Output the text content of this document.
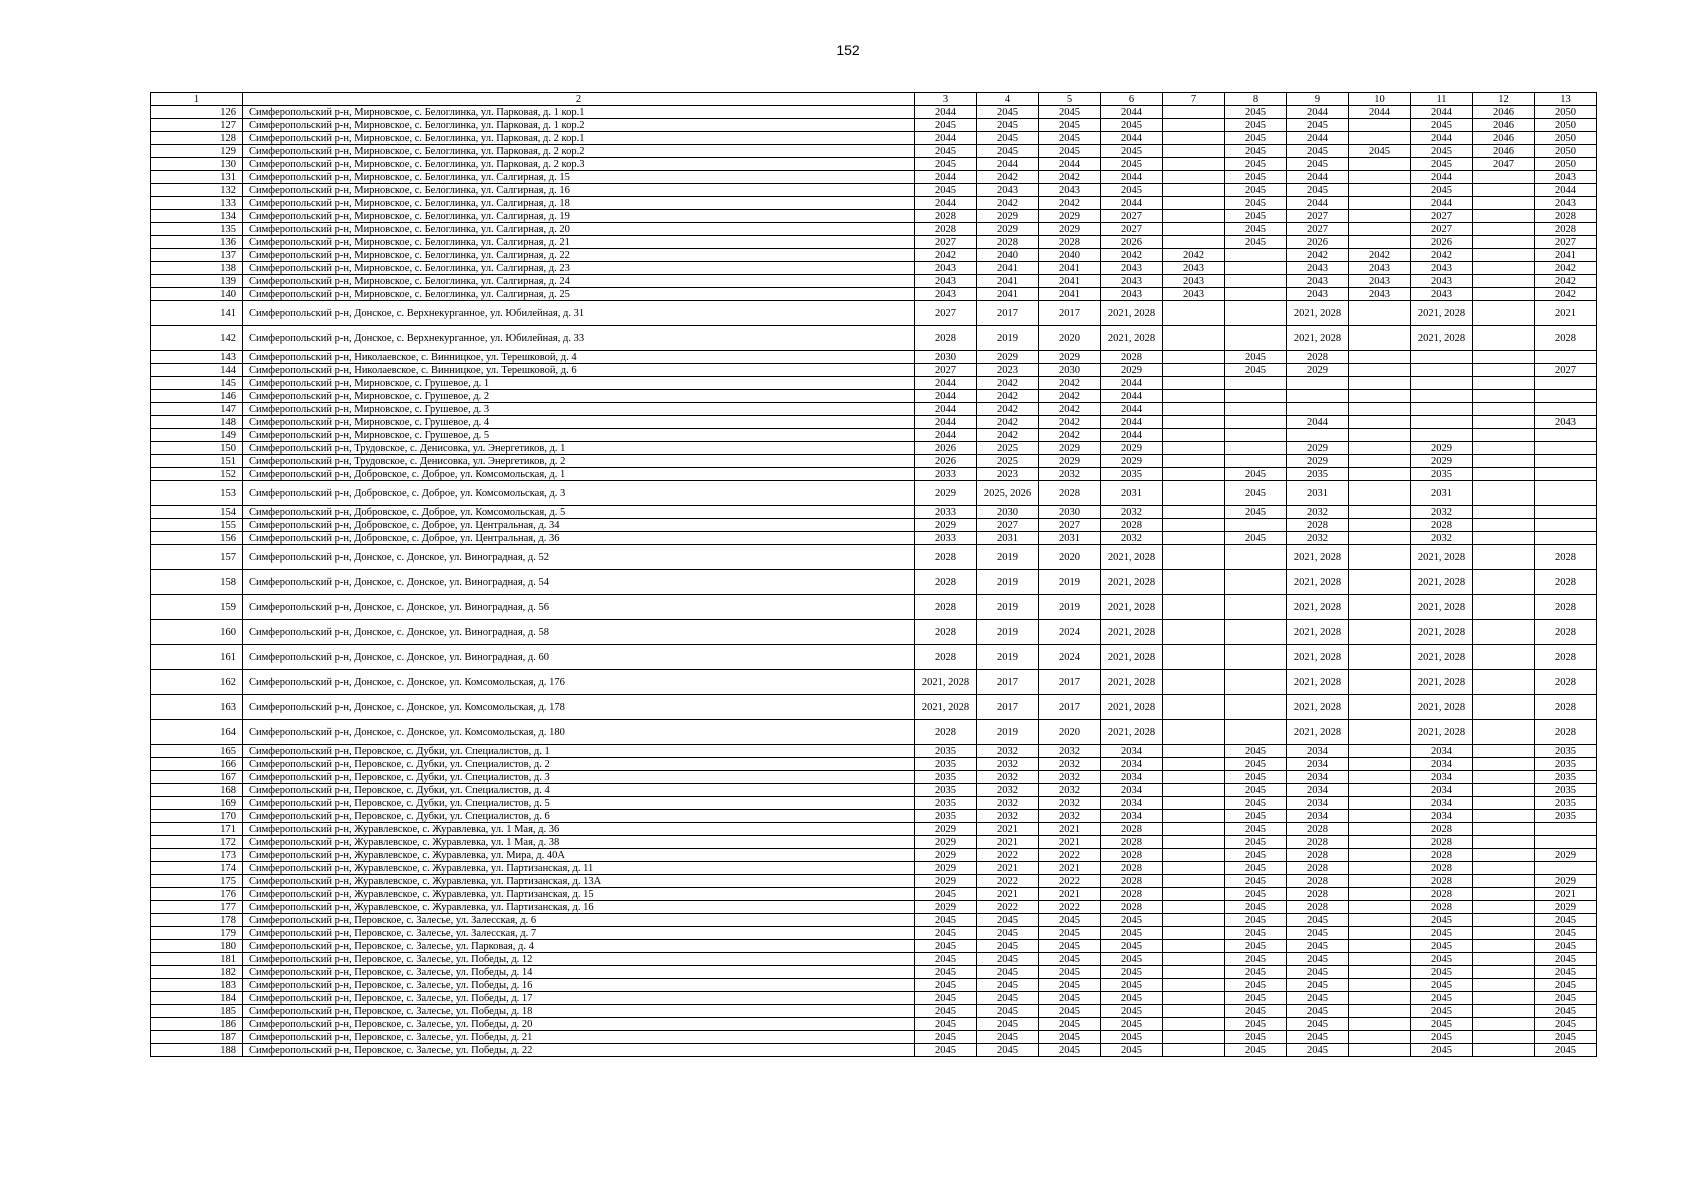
152
1	2	3	4	5	6	7	8	9	10	11	12	13
126	Симферопольский р-н, Мирновское, с. Белоглинка, ул. Парковая, д. 1 кор.1	2044	2045	2045	2044		2045	2044	2044	2044	2046	2050
127	Симферопольский р-н, Мирновское, с. Белоглинка, ул. Парковая, д. 1 кор.2	2045	2045	2045	2045		2045	2045		2045	2046	2050
128	Симферопольский р-н, Мирновское, с. Белоглинка, ул. Парковая, д. 2 кор.1	2044	2045	2045	2044		2045	2044		2044	2046	2050
129	Симферопольский р-н, Мирновское, с. Белоглинка, ул. Парковая, д. 2 кор.2	2045	2045	2045	2045		2045	2045	2045	2045	2046	2050
130	Симферопольский р-н, Мирновское, с. Белоглинка, ул. Парковая, д. 2 кор.3	2045	2044	2044	2045		2045	2045		2045	2047	2050
131	Симферопольский р-н, Мирновское, с. Белоглинка, ул. Салгирная, д. 15	2044	2042	2042	2044		2045	2044		2044		2043
132	Симферопольский р-н, Мирновское, с. Белоглинка, ул. Салгирная, д. 16	2045	2043	2043	2045		2045	2045		2045		2044
133	Симферопольский р-н, Мирновское, с. Белоглинка, ул. Салгирная, д. 18	2044	2042	2042	2044		2045	2044		2044		2043
134	Симферопольский р-н, Мирновское, с. Белоглинка, ул. Салгирная, д. 19	2028	2029	2029	2027		2045	2027		2027		2028
135	Симферопольский р-н, Мирновское, с. Белоглинка, ул. Салгирная, д. 20	2028	2029	2029	2027		2045	2027		2027		2028
136	Симферопольский р-н, Мирновское, с. Белоглинка, ул. Салгирная, д. 21	2027	2028	2028	2026		2045	2026		2026		2027
137	Симферопольский р-н, Мирновское, с. Белоглинка, ул. Салгирная, д. 22	2042	2040	2040	2042	2042		2042	2042	2042		2041
138	Симферопольский р-н, Мирновское, с. Белоглинка, ул. Салгирная, д. 23	2043	2041	2041	2043	2043		2043	2043	2043		2042
139	Симферопольский р-н, Мирновское, с. Белоглинка, ул. Салгирная, д. 24	2043	2041	2041	2043	2043		2043	2043	2043		2042
140	Симферопольский р-н, Мирновское, с. Белоглинка, ул. Салгирная, д. 25	2043	2041	2041	2043	2043		2043	2043	2043		2042
141	Симферопольский р-н, Донское, с. Верхнекурганное, ул. Юбилейная, д. 31	2027	2017	2017	2021, 2028			2021, 2028		2021, 2028		2021
142	Симферопольский р-н, Донское, с. Верхнекурганное, ул. Юбилейная, д. 33	2028	2019	2020	2021, 2028			2021, 2028		2021, 2028		2028
143	Симферопольский р-н, Николаевское, с. Винницкое, ул. Терешковой, д. 4	2030	2029	2029	2028		2045	2028				
144	Симферопольский р-н, Николаевское, с. Винницкое, ул. Терешковой, д. 6	2027	2023	2030	2029		2045	2029				2027
145	Симферопольский р-н, Мирновское, с. Грушевое, д. 1	2044	2042	2042	2044							
146	Симферопольский р-н, Мирновское, с. Грушевое, д. 2	2044	2042	2042	2044							
147	Симферопольский р-н, Мирновское, с. Грушевое, д. 3	2044	2042	2042	2044							
148	Симферопольский р-н, Мирновское, с. Грушевое, д. 4	2044	2042	2042	2044			2044				2043
149	Симферопольский р-н, Мирновское, с. Грушевое, д. 5	2044	2042	2042	2044							
150	Симферопольский р-н, Трудовское, с. Денисовка, ул. Энергетиков, д. 1	2026	2025	2029	2029			2029		2029		
151	Симферопольский р-н, Трудовское, с. Денисовка, ул. Энергетиков, д. 2	2026	2025	2029	2029			2029		2029		
152	Симферопольский р-н, Добровское, с. Доброе, ул. Комсомольская, д. 1	2033	2023	2032	2035		2045	2035		2035		
153	Симферопольский р-н, Добровское, с. Доброе, ул. Комсомольская, д. 3	2029	2025, 2026	2028	2031		2045	2031		2031		
154	Симферопольский р-н, Добровское, с. Доброе, ул. Комсомольская, д. 5	2033	2030	2030	2032		2045	2032		2032		
155	Симферопольский р-н, Добровское, с. Доброе, ул. Центральная, д. 34	2029	2027	2027	2028			2028		2028		
156	Симферопольский р-н, Добровское, с. Доброе, ул. Центральная, д. 36	2033	2031	2031	2032		2045	2032		2032		
157	Симферопольский р-н, Донское, с. Донское, ул. Виноградная, д. 52	2028	2019	2020	2021, 2028			2021, 2028		2021, 2028		2028
158	Симферопольский р-н, Донское, с. Донское, ул. Виноградная, д. 54	2028	2019	2019	2021, 2028			2021, 2028		2021, 2028		2028
159	Симферопольский р-н, Донское, с. Донское, ул. Виноградная, д. 56	2028	2019	2019	2021, 2028			2021, 2028		2021, 2028		2028
160	Симферопольский р-н, Донское, с. Донское, ул. Виноградная, д. 58	2028	2019	2024	2021, 2028			2021, 2028		2021, 2028		2028
161	Симферопольский р-н, Донское, с. Донское, ул. Виноградная, д. 60	2028	2019	2024	2021, 2028			2021, 2028		2021, 2028		2028
162	Симферопольский р-н, Донское, с. Донское, ул. Комсомольская, д. 176	2021, 2028	2017	2017	2021, 2028			2021, 2028		2021, 2028		2028
163	Симферопольский р-н, Донское, с. Донское, ул. Комсомольская, д. 178	2021, 2028	2017	2017	2021, 2028			2021, 2028		2021, 2028		2028
164	Симферопольский р-н, Донское, с. Донское, ул. Комсомольская, д. 180	2028	2019	2020	2021, 2028			2021, 2028		2021, 2028		2028
165	Симферопольский р-н, Перовское, с. Дубки, ул. Специалистов, д. 1	2035	2032	2032	2034		2045	2034		2034		2035
166	Симферопольский р-н, Перовское, с. Дубки, ул. Специалистов, д. 2	2035	2032	2032	2034		2045	2034		2034		2035
167	Симферопольский р-н, Перовское, с. Дубки, ул. Специалистов, д. 3	2035	2032	2032	2034		2045	2034		2034		2035
168	Симферопольский р-н, Перовское, с. Дубки, ул. Специалистов, д. 4	2035	2032	2032	2034		2045	2034		2034		2035
169	Симферопольский р-н, Перовское, с. Дубки, ул. Специалистов, д. 5	2035	2032	2032	2034		2045	2034		2034		2035
170	Симферопольский р-н, Перовское, с. Дубки, ул. Специалистов, д. 6	2035	2032	2032	2034		2045	2034		2034		2035
171	Симферопольский р-н, Журавлевское, с. Журавлевка, ул. 1 Мая, д. 36	2029	2021	2021	2028		2045	2028		2028		
172	Симферопольский р-н, Журавлевское, с. Журавлевка, ул. 1 Мая, д. 38	2029	2021	2021	2028		2045	2028		2028		
173	Симферопольский р-н, Журавлевское, с. Журавлевка, ул. Мира, д. 40А	2029	2022	2022	2028		2045	2028		2028		2029
174	Симферопольский р-н, Журавлевское, с. Журавлевка, ул. Партизанская, д. 11	2029	2021	2021	2028		2045	2028		2028		
175	Симферопольский р-н, Журавлевское, с. Журавлевка, ул. Партизанская, д. 13А	2029	2022	2022	2028		2045	2028		2028		2029
176	Симферопольский р-н, Журавлевское, с. Журавлевка, ул. Партизанская, д. 15	2045	2021	2021	2028		2045	2028		2028		2021
177	Симферопольский р-н, Журавлевское, с. Журавлевка, ул. Партизанская, д. 16	2029	2022	2022	2028		2045	2028		2028		2029
178	Симферопольский р-н, Перовское, с. Залесье, ул. Залесская, д. 6	2045	2045	2045	2045		2045	2045		2045		2045
179	Симферопольский р-н, Перовское, с. Залесье, ул. Залесская, д. 7	2045	2045	2045	2045		2045	2045		2045		2045
180	Симферопольский р-н, Перовское, с. Залесье, ул. Парковая, д. 4	2045	2045	2045	2045		2045	2045		2045		2045
181	Симферопольский р-н, Перовское, с. Залесье, ул. Победы, д. 12	2045	2045	2045	2045		2045	2045		2045		2045
182	Симферопольский р-н, Перовское, с. Залесье, ул. Победы, д. 14	2045	2045	2045	2045		2045	2045		2045		2045
183	Симферопольский р-н, Перовское, с. Залесье, ул. Победы, д. 16	2045	2045	2045	2045		2045	2045		2045		2045
184	Симферопольский р-н, Перовское, с. Залесье, ул. Победы, д. 17	2045	2045	2045	2045		2045	2045		2045		2045
185	Симферопольский р-н, Перовское, с. Залесье, ул. Победы, д. 18	2045	2045	2045	2045		2045	2045		2045		2045
186	Симферопольский р-н, Перовское, с. Залесье, ул. Победы, д. 20	2045	2045	2045	2045		2045	2045		2045		2045
187	Симферопольский р-н, Перовское, с. Залесье, ул. Победы, д. 21	2045	2045	2045	2045		2045	2045		2045		2045
188	Симферопольский р-н, Перовское, с. Залесье, ул. Победы, д. 22	2045	2045	2045	2045		2045	2045		2045		2045
